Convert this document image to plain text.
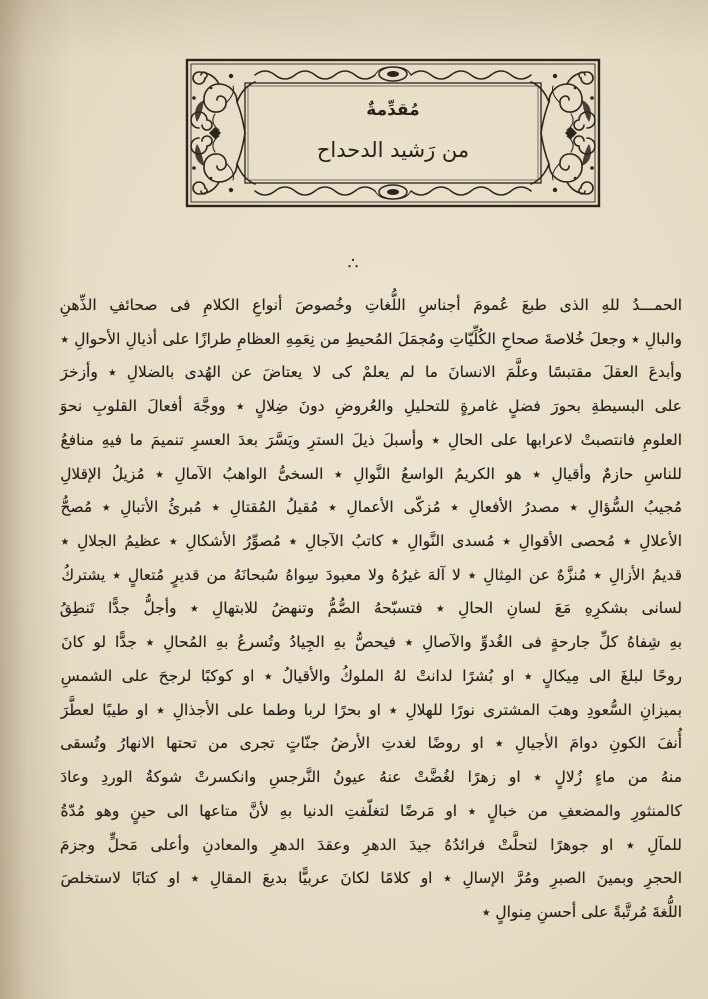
مُقدِّمةٌ
من رَشيد الدحداح
∴
الحمـــدُ للهِ الذى طبعَ عُمومَ أجناسِ اللُّغاتِ وخُصوصَ أنواعِ الكلامِ فى صحائفِ الذِّهنِ
والبالِ ٭ وجعلَ خُلاصةَ صحاحِ الكُلِّيّاتِ ومُجمَلَ المُحيطِ من نِعَمِهِ العظامِ طرازًا على أذيالِ الأحوالِ ٭
وأبدعَ العقلَ مقتبسًا وعلَّمَ الانسانَ ما لم يعلمْ كى لا يعتاضَ عن الهُدى بالضلالِ ٭ وأزخرَ
على البسيطةِ بحورَ فضلٍ غامرةٍ للتحليلِ والعُروضِ دونَ ضِلالٍ ٭ ووجَّهَ أفعالَ القلوبِ نحوَ
العلومِ فانتصبتْ لاعرابها على الحالِ ٭ وأسبلَ ذيلَ السترِ ويَسَّرَ بعدَ العسرِ تنميمَ ما فيهِ منافعُ
للناسِ حازمٌ وأقيالِ ٭ هو الكريمُ الواسعُ النَّوالِ ٭ السخىُّ الواهبُ الآمالِ ٭ مُزيلُ الإقلالِ
مُجيبُ السُّؤالِ ٭ مصدرُ الأفعالِ ٭ مُزكّى الأعمالِ ٭ مُقيلُ المُقتالِ ٭ مُبرئُ الأتبالِ ٭ مُصحُّ
الأعلالِ ٭ مُحصى الأقوالِ ٭ مُسدى النَّوالِ ٭ كاتبُ الآجالِ ٭ مُصوِّرُ الأشكالِ ٭ عظيمُ الجلالِ ٭
قديمُ الأزالِ ٭ مُنزَّهٌ عن المِثالِ ٭ لا آلهَ غيرُهُ ولا معبودَ سِواهُ سُبحانَهُ من قديرٍ مُتعالٍ ٭ يشتركُ
لسانى بشكرِهِ مَعَ لسانِ الحالِ ٭ فتسبّحهُ الصُّمُّ وتنهضُ للابتهالِ ٭ وأجلُّ جدًّا تَنطِقُ
بهِ شِفاهُ كلِّ جارحةٍ فى الغُدوِّ والآصالِ ٭ فيحصُّ بهِ الجِيادُ وتُسرعُ بهِ المُحالِ ٭ جدًّا لو كانَ
روحًا لبلغَ الى مِيكالٍ ٭ او بُشرًا لدانتْ لهُ الملوكُ والأقيالُ ٭ او كوكبًا لرجحَ على الشمسِ
بميزانِ السُّعودِ وهبَ المشترى نورًا للهلالِ ٭ او بحرًا لربا وطما على الأجذالِ ٭ او طيبًا لعطَّرَ
أُنفَ الكونِ دوامَ الأجيالِ ٭ او روضًا لغدتِ الأرضُ جنّاتٍ تجرى من تحتها الانهارُ وتُسقى
منهُ من ماءٍ زُلالٍ ٭ او زهرًا لغُضَّتْ عنهُ عيونُ النَّرجسِ وانكسرتْ شوكةُ الوردِ وعادَ
كالمنثورِ والمضعفِ من خبالٍ ٭ او مَرضًا لتغلّفتِ الدنيا بهِ لأنَّ متاعها الى حينٍ وهو مُدّةُ
للمآلِ ٭ او جوهرًا لتحلَّتْ فرائدُهُ جيدَ الدهرِ وعقدَ الدهرِ والمعادنِ وأعلى مَحلٍّ وجزمَ
الحجرِ وبمينَ الصبرِ ومُرَّ الإسالِ ٭ او كلامًا لكانَ عربيًّا بديعَ المقالِ ٭ او كتابًا لاستخلصَ
اللُّغةَ مُرتَّبةً على أحسنِ مِنوالٍ ٭
